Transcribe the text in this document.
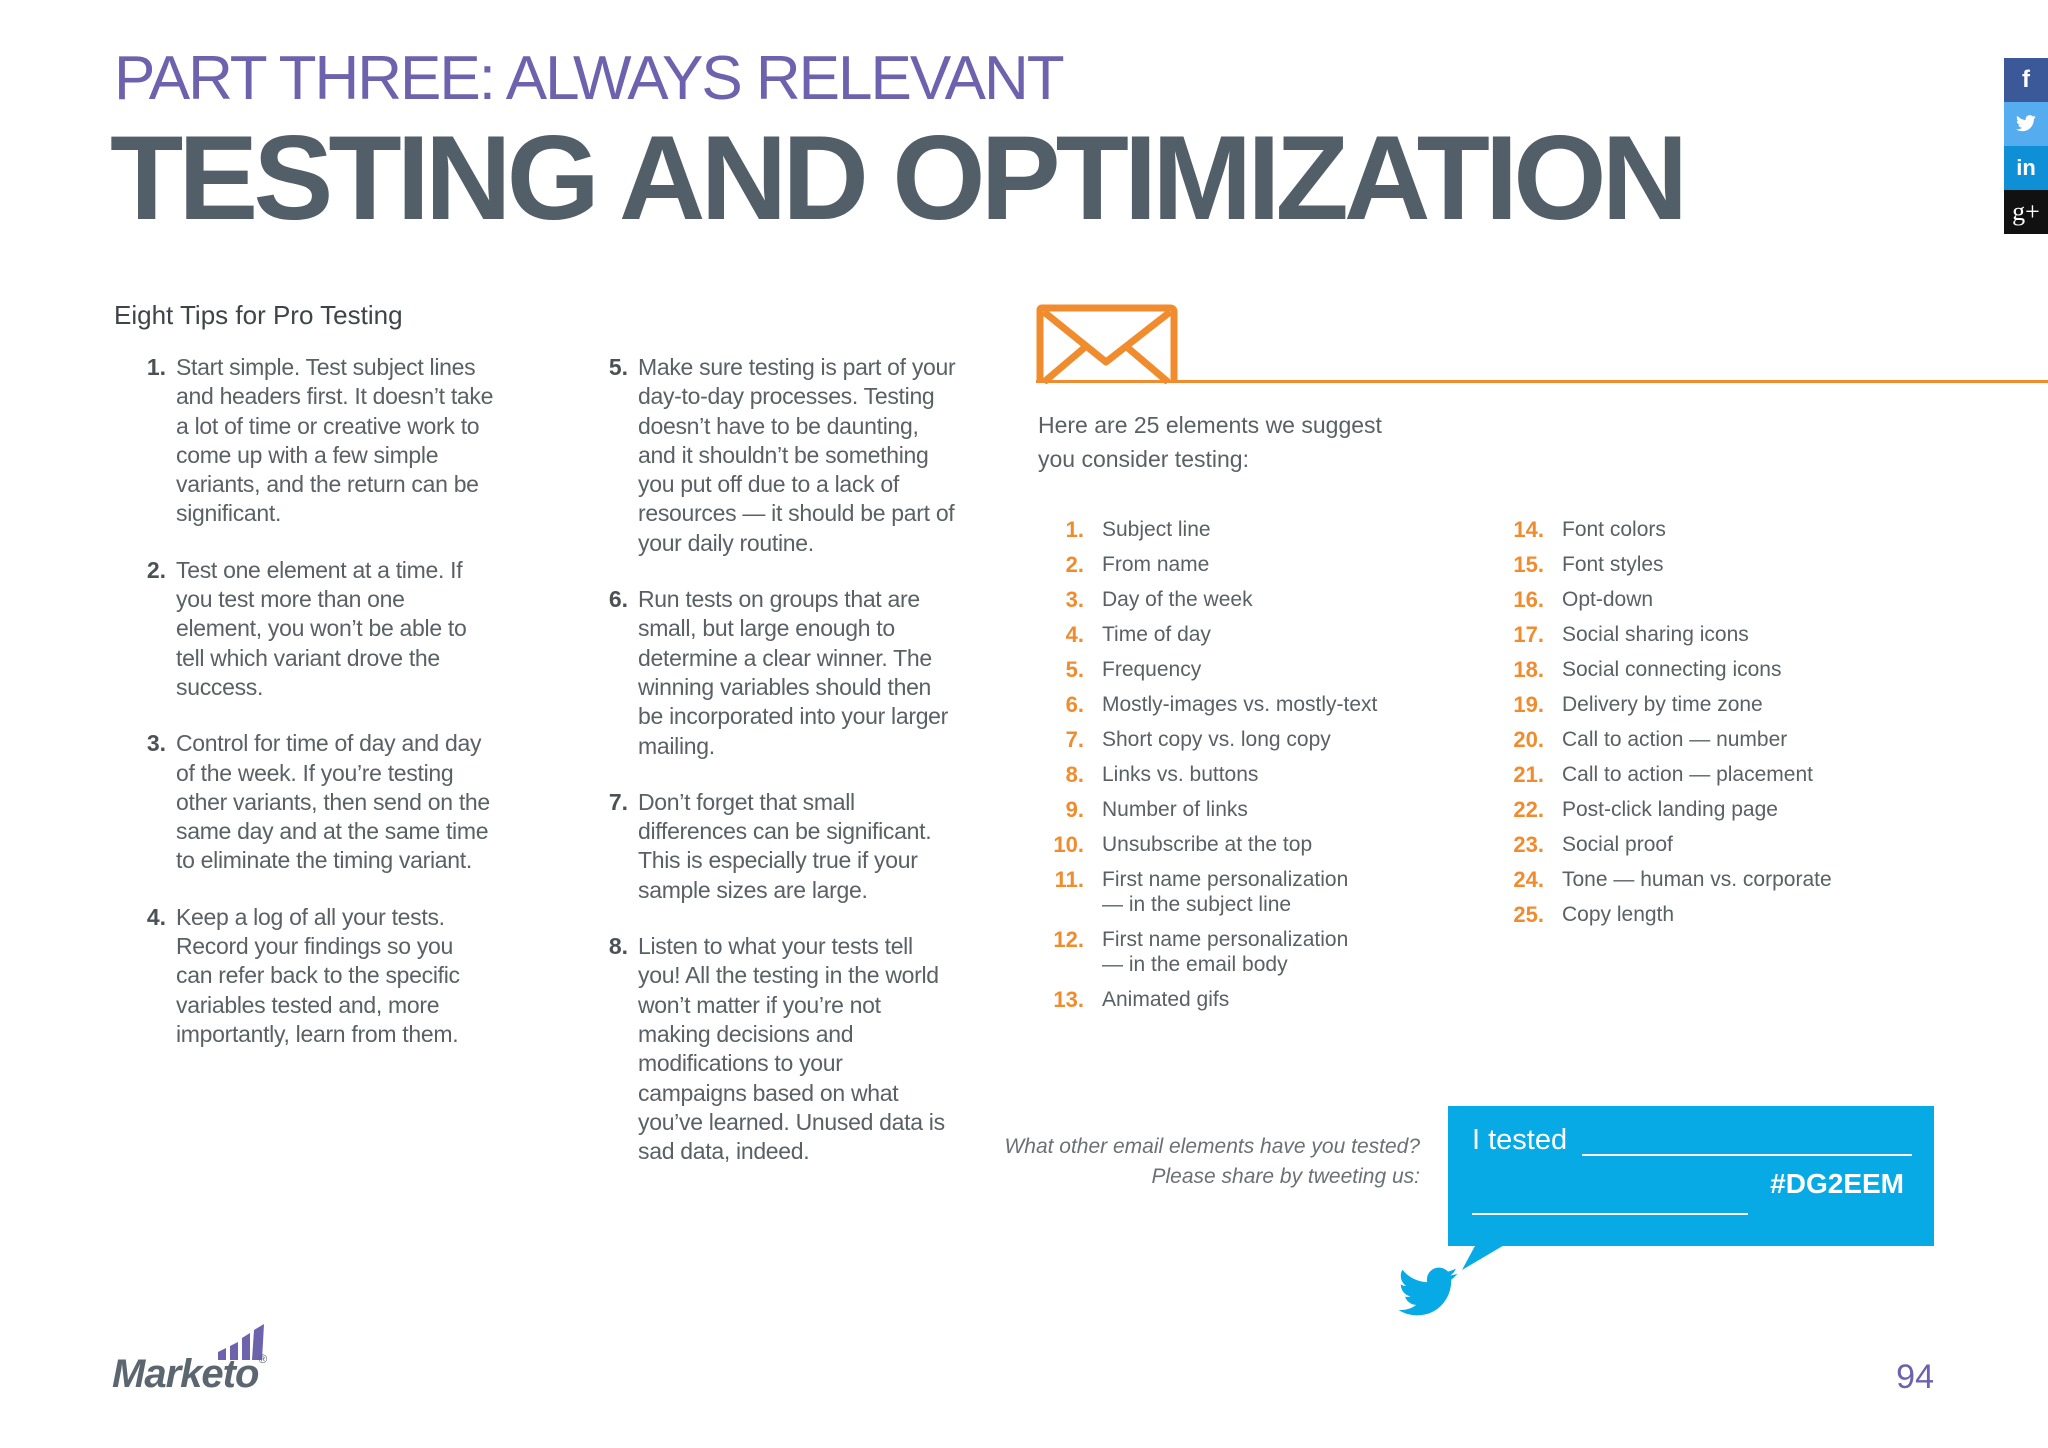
PART THREE: ALWAYS RELEVANT
TESTING AND OPTIMIZATION
f
in
g+
Eight Tips for Pro Testing
1. Start simple. Test subject lines and headers first. It doesn’t take a lot of time or creative work to come up with a few simple variants, and the return can be significant.
2. Test one element at a time. If you test more than one element, you won’t be able to tell which variant drove the success.
3. Control for time of day and day of the week. If you’re testing other variants, then send on the same day and at the same time to eliminate the timing variant.
4. Keep a log of all your tests. Record your findings so you can refer back to the specific variables tested and, more importantly, learn from them.
5. Make sure testing is part of your day-to-day processes. Testing doesn’t have to be daunting, and it shouldn’t be something you put off due to a lack of resources — it should be part of your daily routine.
6. Run tests on groups that are small, but large enough to determine a clear winner. The winning variables should then be incorporated into your larger mailing.
7. Don’t forget that small differences can be significant. This is especially true if your sample sizes are large.
8. Listen to what your tests tell you! All the testing in the world won’t matter if you’re not making decisions and modifications to your campaigns based on what you’ve learned. Unused data is sad data, indeed.
Here are 25 elements we suggest you consider testing:
1. Subject line
2. From name
3. Day of the week
4. Time of day
5. Frequency
6. Mostly-images vs. mostly-text
7. Short copy vs. long copy
8. Links vs. buttons
9. Number of links
10. Unsubscribe at the top
11. First name personalization — in the subject line
12. First name personalization — in the email body
13. Animated gifs
14. Font colors
15. Font styles
16. Opt-down
17. Social sharing icons
18. Social connecting icons
19. Delivery by time zone
20. Call to action — number
21. Call to action — placement
22. Post-click landing page
23. Social proof
24. Tone — human vs. corporate
25. Copy length
What other email elements have you tested?
Please share by tweeting us:
I tested
#DG2EEM
Marketo®	94
